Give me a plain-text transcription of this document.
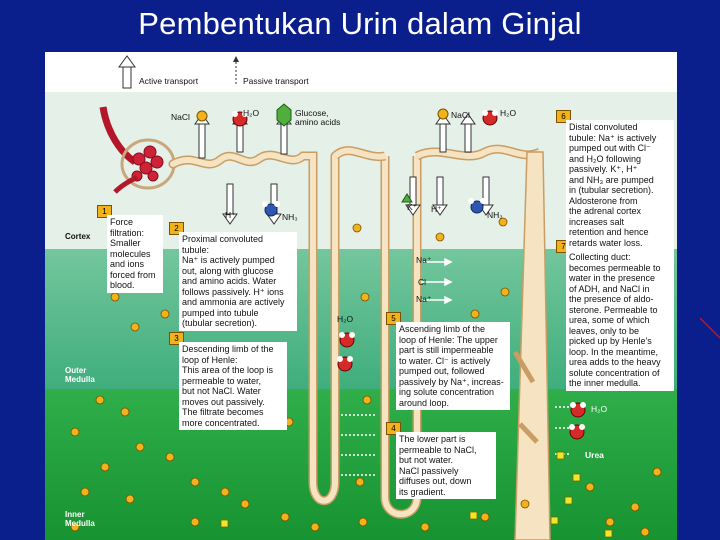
Pembentukan Urin dalam Ginjal
Active transport	Passive transport
NaCl	H₂O	Glucose,
amino acids
NaCl	H₂O
H⁺	NH₃
K⁺ H⁺
NH₃
H₂O
Na⁺
Cl
Na⁺
H₂O
Urea
Cortex
Outer
Medulla
Inner
Medulla
1
2
3
4
5
6
7
Force
filtration:
Smaller
molecules
and ions
forced from
blood.
Proximal convoluted
tubule:
Na⁺ is actively pumped
out, along with glucose
and amino acids. Water
follows passively. H⁺ ions
and ammonia are actively
pumped into tubule
(tubular secretion).
Descending limb of the
loop of Henle:
This area of the loop is
permeable to water,
but not NaCl. Water
moves out passively.
The filtrate becomes
more concentrated.
The lower part is
permeable to NaCl,
but not water.
NaCl passively
diffuses out, down
its gradient.
Ascending limb of the
loop of Henle: The upper
part is still impermeable
to water. Cl⁻ is actively
pumped out, followed
passively by Na⁺, increas-
ing solute concentration
around loop.
Distal convoluted
tubule: Na⁺ is actively
pumped out with Cl⁻
and H₂O following
passively. K⁺, H⁺
and NH₃ are pumped
in (tubular secretion).
Aldosterone from
the adrenal cortex
increases salt
retention and hence
retards water loss.
Collecting duct:
becomes permeable to
water in the presence
of ADH, and NaCl in
the presence of aldo-
sterone. Permeable to
urea, some of which
leaves, only to be
picked up by Henle's
loop. In the meantime,
urea adds to the heavy
solute concentration of
the inner medulla.
